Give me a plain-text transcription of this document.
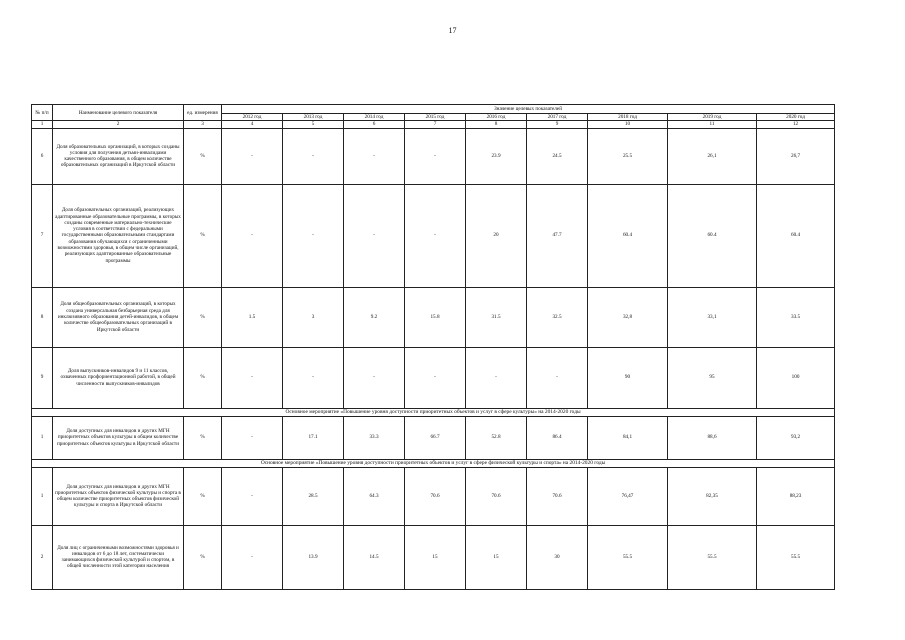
17
№ п/п	Наименование целевого показателя	ед. измерения	Значение целевых показателей								
			2012 год	2013 год	2014 год	2015 год	2016 год	2017 год	2018 год	2019 год	2020 год
1	2	3	4	5	6	7	8	9	10	11	12
6	Доля образовательных организаций, в которых созданы условия для получения детьми-инвалидами качественного образования, в общем количестве образовательных организаций в Иркутской области	%	-	-	-	-	23.9	24.5	25.5	26,1	26,7
7	Доля образовательных организаций, реализующих адаптированные образовательные программы, в которых созданы современные материально-технические условия в соответствии с федеральными государственными образовательными стандартами образования обучающихся с ограниченными возможностями здоровья, в общем числе организаций, реализующих адаптированные образовательные программы	%	-	-	-	-	20	47.7	60.4	60.4	60.4
8	Доля общеобразовательных организаций, в которых создана универсальная безбарьерная среда для инклюзивного образования детей-инвалидов, в общем количестве общеобразовательных организаций в Иркутской области	%	1.5	3	9.2	15.8	31.5	32.5	32,8	33,1	33.5
9	Доля выпускников-инвалидов 9 и 11 классов, охваченных профориентационной работой, в общей численности выпускников-инвалидов	%	-	-	-	-	-	-	90	95	100
Основное мероприятие «Повышение уровня доступности приоритетных объектов и услуг в сфере культуры» на 2014-2020 годы											
1	Доля доступных для инвалидов и других МГН приоритетных объектов культуры в общем количестве приоритетных объектов культуры в Иркутской области	%	-	17.1	33.3	66.7	52.8	86.4	84,1	88,6	93,2
Основное мероприятие «Повышение уровня доступности приоритетных объектов и услуг в сфере физической культуры и спорта» на 2014-2020 годы											
1	Доля доступных для инвалидов и других МГН приоритетных объектов физической культуры и спорта в общем количестве приоритетных объектов физической культуры и спорта в Иркутской области	%	-	28.5	64.3	70.6	70.6	70.6	76,47	82,35	88,23
2	Доля лиц с ограниченными возможностями здоровья и инвалидов от 6 до 18 лет, систематически занимающихся физической культурой и спортом, в общей численности этой категории населения	%	-	13.9	14.5	15	15	30	55.5	55.5	55.5
